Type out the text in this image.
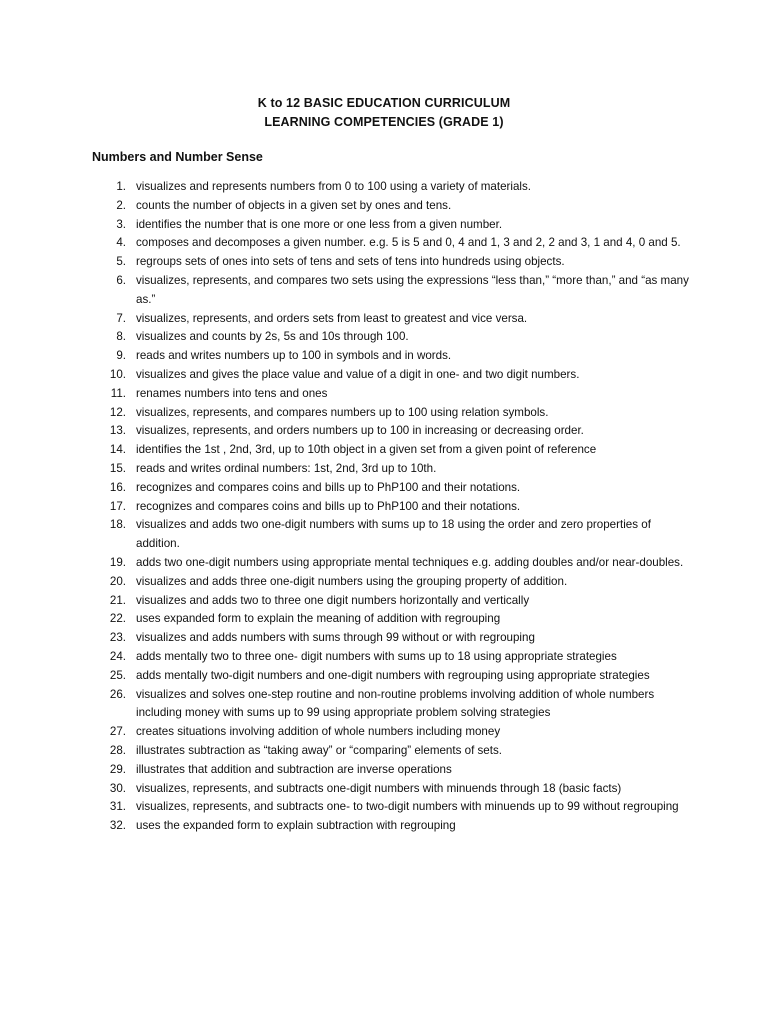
K to 12 BASIC EDUCATION CURRICULUM
LEARNING COMPETENCIES (GRADE 1)
Numbers and Number Sense
1. visualizes and represents numbers from 0 to 100 using a variety of materials.
2. counts the number of objects in a given set by ones and tens.
3. identifies the number that is one more or one less from a given number.
4. composes and decomposes a given number. e.g. 5 is 5 and 0, 4 and 1, 3 and 2, 2 and 3, 1 and 4, 0 and 5.
5. regroups sets of ones into sets of tens and sets of tens into hundreds using objects.
6. visualizes, represents, and compares two sets using the expressions “less than,” “more than,” and “as many as.”
7. visualizes, represents, and orders sets from least to greatest and vice versa.
8. visualizes and counts by 2s, 5s and 10s through 100.
9. reads and writes numbers up to 100 in symbols and in words.
10. visualizes and gives the place value and value of a digit in one- and two digit numbers.
11. renames numbers into tens and ones
12. visualizes, represents, and compares numbers up to 100 using relation symbols.
13. visualizes, represents, and orders numbers up to 100 in increasing or decreasing order.
14. identifies the 1st , 2nd, 3rd, up to 10th object in a given set from a given point of reference
15. reads and writes ordinal numbers: 1st, 2nd, 3rd up to 10th.
16. recognizes and compares coins and bills up to PhP100 and their notations.
17. recognizes and compares coins and bills up to PhP100 and their notations.
18. visualizes and adds two one-digit numbers with sums up to 18 using the order and zero properties of addition.
19. adds two one-digit numbers using appropriate mental techniques e.g. adding doubles and/or near-doubles.
20. visualizes and adds three one-digit numbers using the grouping property of addition.
21. visualizes and adds two to three one digit numbers horizontally and vertically
22. uses expanded form to explain the meaning of addition with regrouping
23. visualizes and adds numbers with sums through 99 without or with regrouping
24. adds mentally two to three one- digit numbers with sums up to 18 using appropriate strategies
25. adds mentally two-digit numbers and one-digit numbers with regrouping using appropriate strategies
26. visualizes and solves one-step routine and non-routine problems involving addition of whole numbers including money with sums up to 99 using appropriate problem solving strategies
27. creates situations involving addition of whole numbers including money
28. illustrates subtraction as “taking away” or “comparing” elements of sets.
29. illustrates that addition and subtraction are inverse operations
30. visualizes, represents, and subtracts one-digit numbers with minuends through 18 (basic facts)
31. visualizes, represents, and subtracts one- to two-digit numbers with minuends up to 99 without regrouping
32. uses the expanded form to explain subtraction with regrouping
